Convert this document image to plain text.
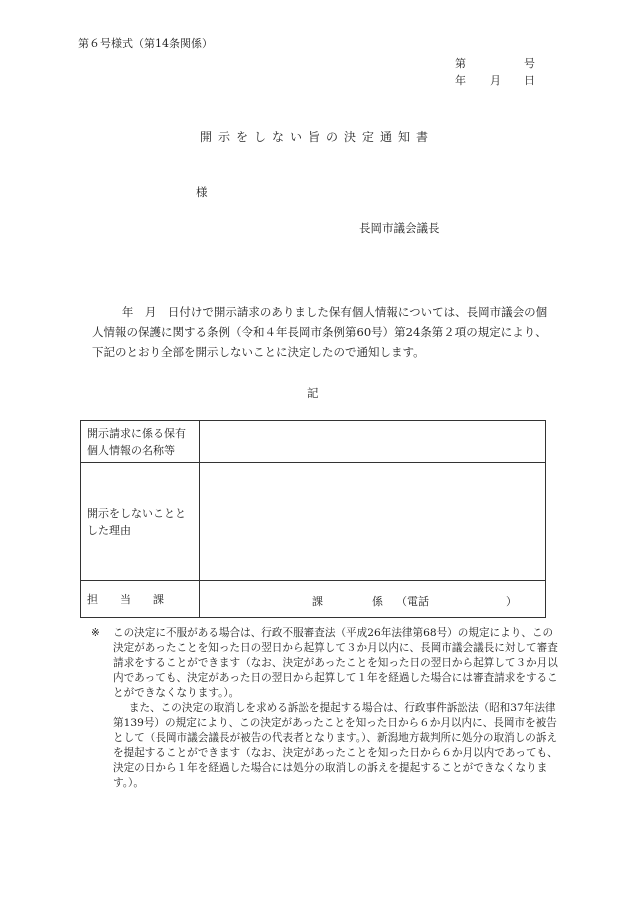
第６号様式（第14条関係）
第	号
年 月 日
開示をしない旨の決定通知書
様
長岡市議会議長

年　月　日付けで開示請求のありました保有個人情報については、長岡市議会の個人情報の保護に関する条例（令和４年長岡市条例第60号）第24条第２項の規定により、下記のとおり全部を開示しないことに決定したので通知します。

記
開示請求に係る保有個人情報の名称等	
開示をしないこととした理由	
担　　当　　課	課 係 （電話 ）
※ この決定に不服がある場合は、行政不服審査法（平成26年法律第68号）の規定により、この決定があったことを知った日の翌日から起算して３か月以内に、長岡市議会議長に対して審査請求をすることができます（なお、決定があったことを知った日の翌日から起算して３か月以内であっても、決定があった日の翌日から起算して１年を経過した場合には審査請求をすることができなくなります。）。

また、この決定の取消しを求める訴訟を提起する場合は、行政事件訴訟法（昭和37年法律第139号）の規定により、この決定があったことを知った日から６か月以内に、長岡市を被告として（長岡市議会議長が被告の代表者となります。）、新潟地方裁判所に処分の取消しの訴えを提起することができます（なお、決定があったことを知った日から６か月以内であっても、決定の日から１年を経過した場合には処分の取消しの訴えを提起することができなくなります。）。
